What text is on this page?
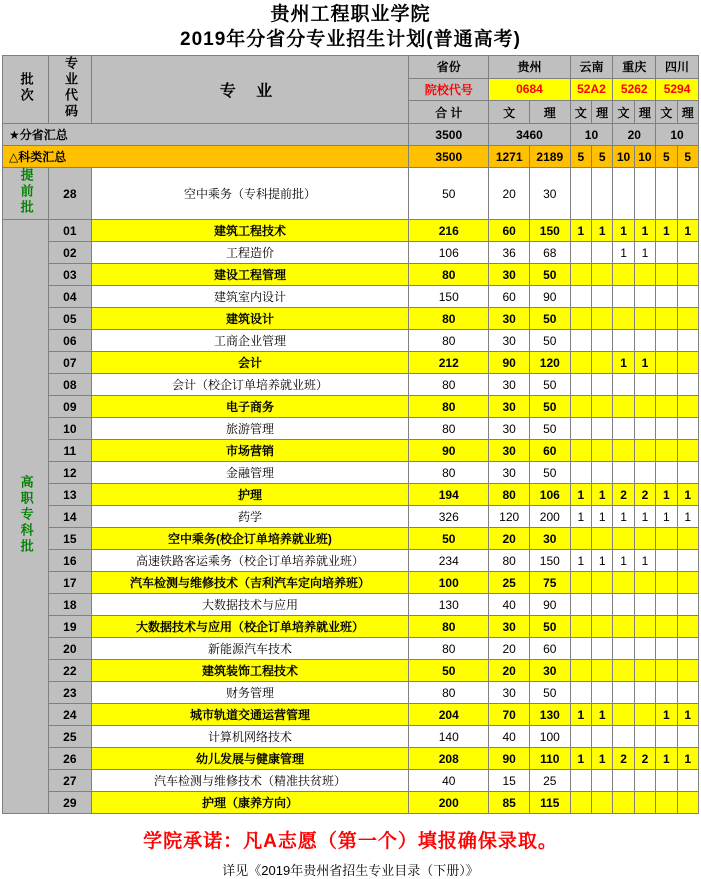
贵州工程职业学院
2019年分省分专业招生计划(普通高考)
批次	专业代码	专 业	省份	贵州		云南		重庆		四川	
			院校代号	0684		52A2		5262		5294	
			合 计	文	理	文	理	文	理	文	理
★分省汇总			3500	3460		10		20		10	
△科类汇总			3500	1271	2189	5	5	10	10	5	5
提前批	28	空中乘务（专科提前批）	50	20	30						
高职专科批	01	建筑工程技术	216	60	150	1	1	1	1	1	1
	02	工程造价	106	36	68			1	1		
	03	建设工程管理	80	30	50						
	04	建筑室内设计	150	60	90						
	05	建筑设计	80	30	50						
	06	工商企业管理	80	30	50						
	07	会计	212	90	120			1	1		
	08	会计（校企订单培养就业班）	80	30	50						
	09	电子商务	80	30	50						
	10	旅游管理	80	30	50						
	11	市场营销	90	30	60						
	12	金融管理	80	30	50						
	13	护理	194	80	106	1	1	2	2	1	1
	14	药学	326	120	200	1	1	1	1	1	1
	15	空中乘务(校企订单培养就业班)	50	20	30						
	16	高速铁路客运乘务（校企订单培养就业班）	234	80	150	1	1	1	1		
	17	汽车检测与维修技术（吉利汽车定向培养班）	100	25	75						
	18	大数据技术与应用	130	40	90						
	19	大数据技术与应用（校企订单培养就业班）	80	30	50						
	20	新能源汽车技术	80	20	60						
	22	建筑装饰工程技术	50	20	30						
	23	财务管理	80	30	50						
	24	城市轨道交通运营管理	204	70	130	1	1			1	1
	25	计算机网络技术	140	40	100						
	26	幼儿发展与健康管理	208	90	110	1	1	2	2	1	1
	27	汽车检测与维修技术（精准扶贫班）	40	15	25						
	29	护理（康养方向）	200	85	115						
学院承诺：凡A志愿（第一个）填报确保录取。
详见《2019年贵州省招生专业目录（下册）》
